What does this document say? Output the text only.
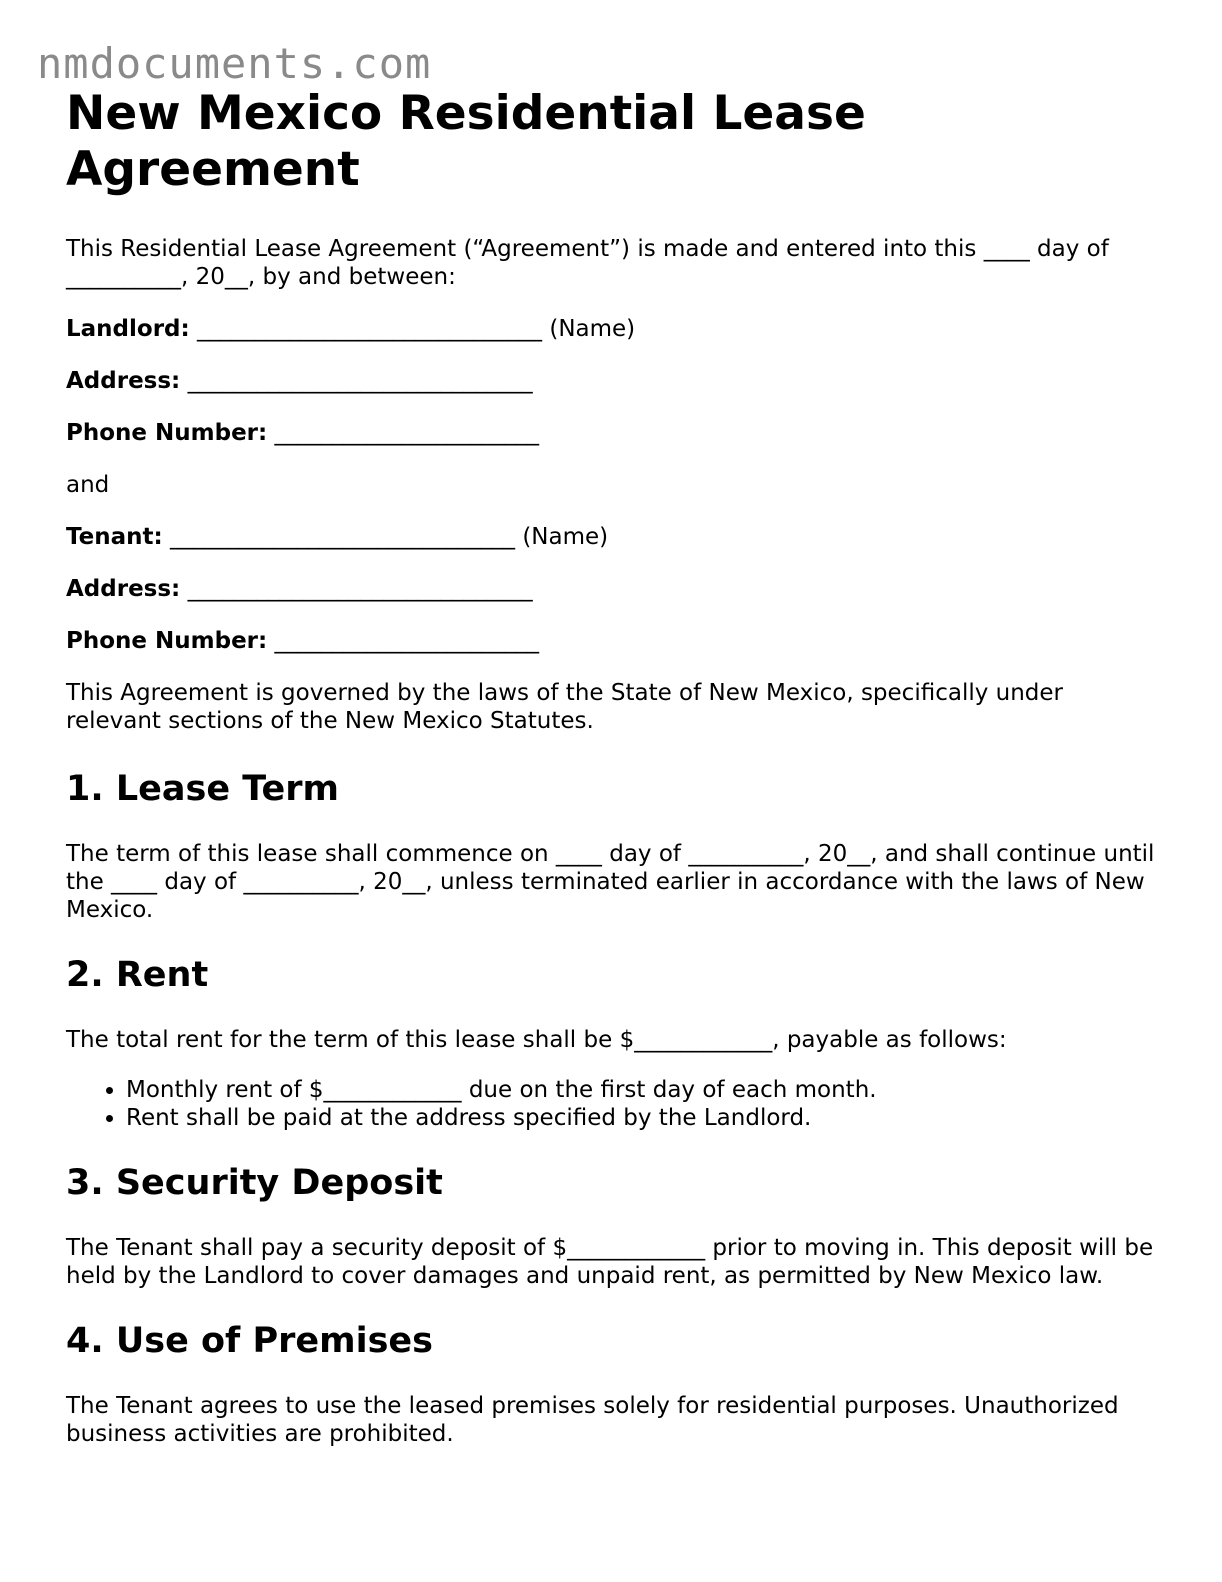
nmdocuments.com
New Mexico Residential Lease Agreement

This Residential Lease Agreement (“Agreement”) is made and entered into this ____ day of __________, 20__, by and between:

Landlord: ______________________________ (Name)

Address: ______________________________

Phone Number: _______________________

and

Tenant: ______________________________ (Name)

Address: ______________________________

Phone Number: _______________________

This Agreement is governed by the laws of the State of New Mexico, specifically under relevant sections of the New Mexico Statutes.

1. Lease Term

The term of this lease shall commence on ____ day of __________, 20__, and shall continue until the ____ day of __________, 20__, unless terminated earlier in accordance with the laws of New Mexico.

2. Rent

The total rent for the term of this lease shall be $____________, payable as follows:

• Monthly rent of $____________ due on the first day of each month.
• Rent shall be paid at the address specified by the Landlord.
3. Security Deposit

The Tenant shall pay a security deposit of $____________ prior to moving in. This deposit will be held by the Landlord to cover damages and unpaid rent, as permitted by New Mexico law.

4. Use of Premises

The Tenant agrees to use the leased premises solely for residential purposes. Unauthorized business activities are prohibited.
